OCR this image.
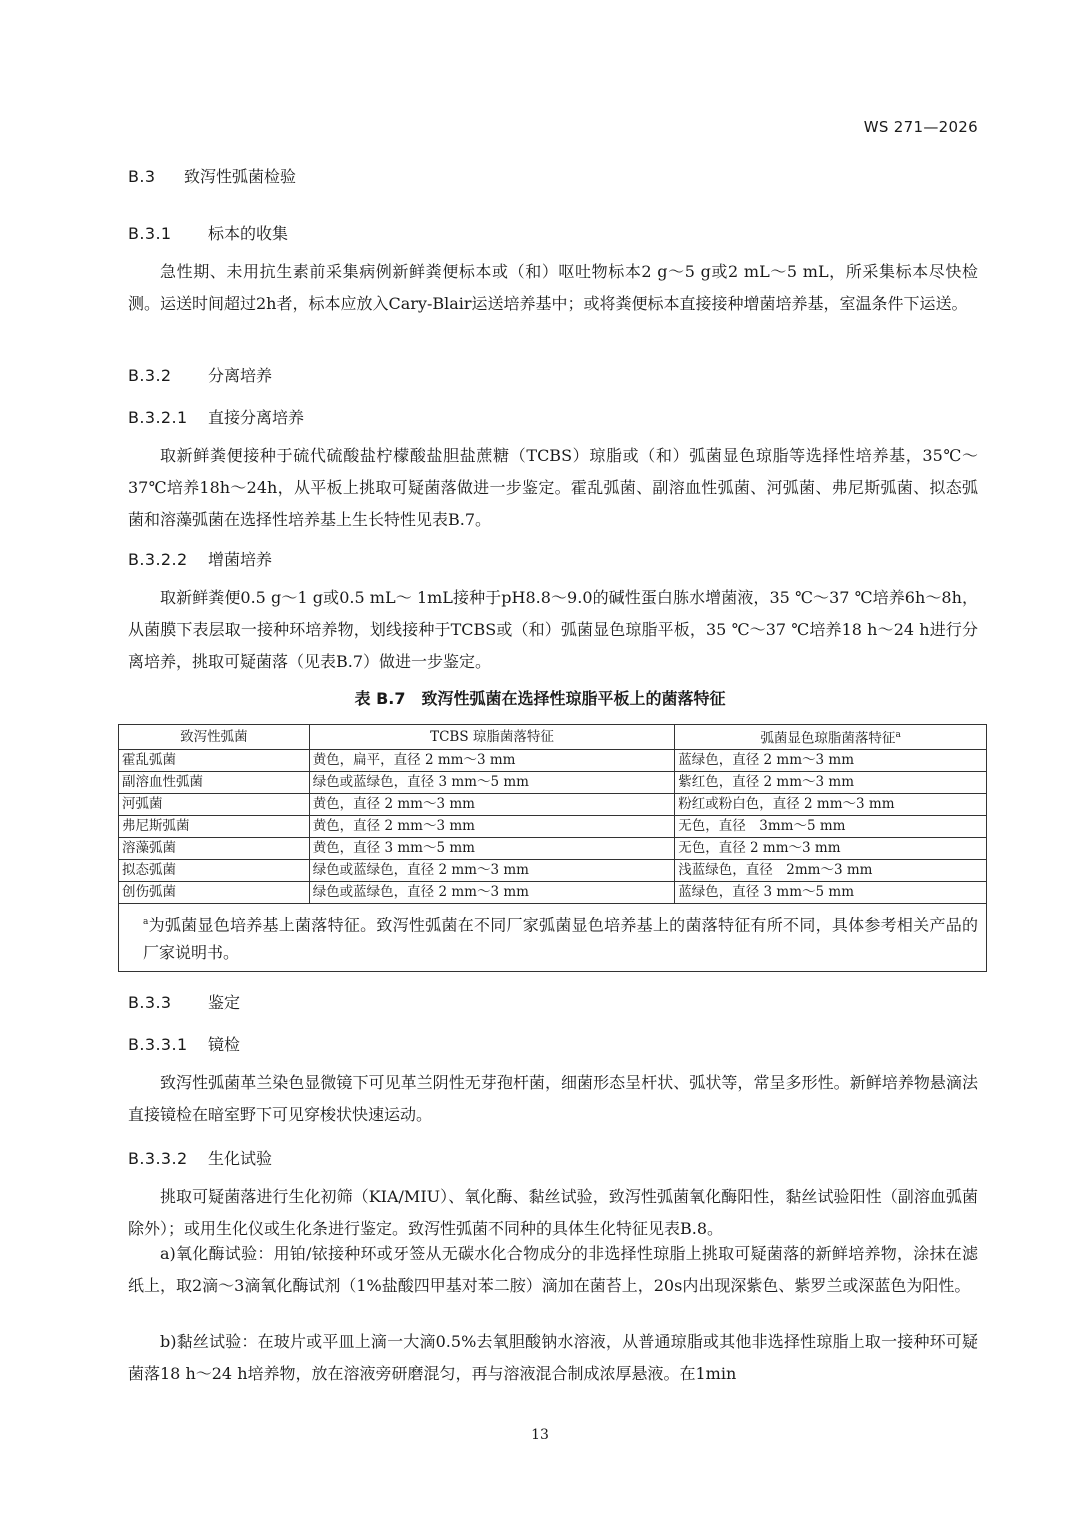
WS 271—2026
B.3 致泻性弧菌检验
B.3.1 标本的收集
急性期、未用抗生素前采集病例新鲜粪便标本或（和）呕吐物标本2 g～5 g或2 mL～5 mL，所采集标本尽快检测。运送时间超过2h者，标本应放入Cary-Blair运送培养基中；或将粪便标本直接接种增菌培养基，室温条件下运送。
B.3.2 分离培养
B.3.2.1 直接分离培养
取新鲜粪便接种于硫代硫酸盐柠檬酸盐胆盐蔗糖（TCBS）琼脂或（和）弧菌显色琼脂等选择性培养基，35℃～37℃培养18h～24h，从平板上挑取可疑菌落做进一步鉴定。霍乱弧菌、副溶血性弧菌、河弧菌、弗尼斯弧菌、拟态弧菌和溶藻弧菌在选择性培养基上生长特性见表B.7。
B.3.2.2 增菌培养
取新鲜粪便0.5 g～1 g或0.5 mL～ 1mL接种于pH8.8～9.0的碱性蛋白胨水增菌液，35 ℃～37 ℃培养6h～8h，从菌膜下表层取一接种环培养物，划线接种于TCBS或（和）弧菌显色琼脂平板，35 ℃～37 ℃培养18 h～24 h进行分离培养，挑取可疑菌落（见表B.7）做进一步鉴定。
表 B.7　致泻性弧菌在选择性琼脂平板上的菌落特征
致泻性弧菌	TCBS 琼脂菌落特征	弧菌显色琼脂菌落特征$^a$
霍乱弧菌	黄色，扁平，直径 2 mm～3 mm	蓝绿色，直径 2 mm～3 mm
副溶血性弧菌	绿色或蓝绿色，直径 3 mm～5 mm	紫红色，直径 2 mm～3 mm
河弧菌	黄色，直径 2 mm～3 mm	粉红或粉白色，直径 2 mm～3 mm
弗尼斯弧菌	黄色，直径 2 mm～3 mm	无色，直径　3mm～5 mm
溶藻弧菌	黄色，直径 3 mm～5 mm	无色，直径 2 mm～3 mm
拟态弧菌	绿色或蓝绿色，直径 2 mm～3 mm	浅蓝绿色，直径　2mm～3 mm
创伤弧菌	绿色或蓝绿色，直径 2 mm～3 mm	蓝绿色，直径 3 mm～5 mm
$^a$为弧菌显色培养基上菌落特征。致泻性弧菌在不同厂家弧菌显色培养基上的菌落特征有所不同，具体参考相关产品的厂家说明书。		
B.3.3 鉴定
B.3.3.1 镜检
致泻性弧菌革兰染色显微镜下可见革兰阴性无芽孢杆菌，细菌形态呈杆状、弧状等，常呈多形性。新鲜培养物悬滴法直接镜检在暗室野下可见穿梭状快速运动。
B.3.3.2 生化试验
挑取可疑菌落进行生化初筛（KIA/MIU）、氧化酶、黏丝试验，致泻性弧菌氧化酶阳性，黏丝试验阳性（副溶血弧菌除外）；或用生化仪或生化条进行鉴定。致泻性弧菌不同种的具体生化特征见表B.8。
a)氧化酶试验：用铂/铱接种环或牙签从无碳水化合物成分的非选择性琼脂上挑取可疑菌落的新鲜培养物，涂抹在滤纸上，取2滴～3滴氧化酶试剂（1%盐酸四甲基对苯二胺）滴加在菌苔上，20s内出现深紫色、紫罗兰或深蓝色为阳性。
b)黏丝试验：在玻片或平皿上滴一大滴0.5%去氧胆酸钠水溶液，从普通琼脂或其他非选择性琼脂上取一接种环可疑菌落18 h～24 h培养物，放在溶液旁研磨混匀，再与溶液混合制成浓厚悬液。在1min
13
